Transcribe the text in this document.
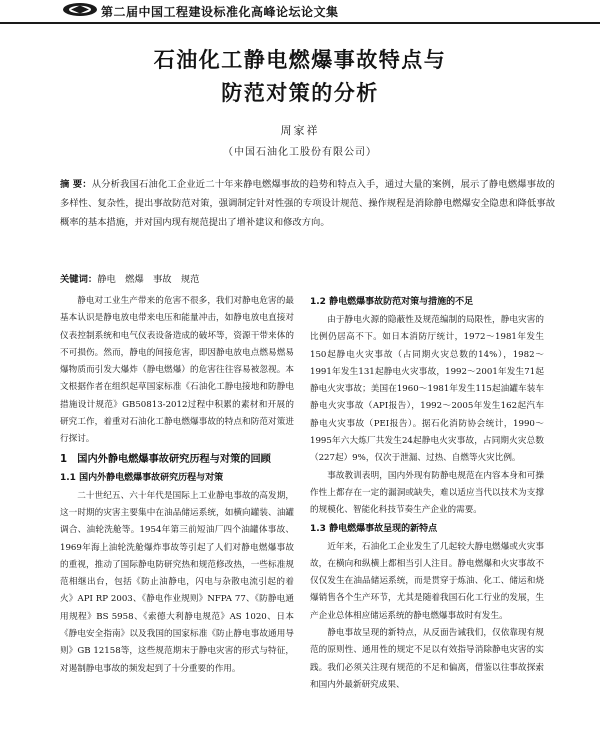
第二届中国工程建设标准化高峰论坛论文集
石油化工静电燃爆事故特点与
防范对策的分析
周家祥
（中国石油化工股份有限公司）
摘 要：从分析我国石油化工企业近二十年来静电燃爆事故的趋势和特点入手，通过大量的案例，展示了静电燃爆事故的多样性、复杂性，提出事故防范对策，强调制定针对性强的专项设计规范、操作规程是消除静电燃爆安全隐患和降低事故概率的基本措施，并对国内现有规范提出了增补建议和修改方向。
关键词：静电　燃爆　事故　规范

静电对工业生产带来的危害不很多，我们对静电危害的最基本认识是静电放电带来电压和能量冲击，如静电放电直接对仪表控制系统和电气仪表设备造成的破坏等，资源干带来体的不可损伤。然而，静电的间接危害，即因静电放电点燃易燃易爆物质而引发大爆炸（静电燃爆）的危害往往容易被忽视。本文根据作者在组织起草国家标准《石油化工静电接地和防静电措施设计规范》GB50813-2012过程中积累的素材和开展的研究工作，着重对石油化工静电燃爆事故的特点和防范对策进行探讨。

1　国内外静电燃爆事故研究历程与对策的回顾
1.1 国内外静电燃爆事故研究历程与对策

二十世纪五、六十年代是国际上工业静电事故的高发期，这一时期的灾害主要集中在油品储运系统，如横向罐装、油罐调合、油轮洗舱等。1954年第三前短油厂四个油罐体事故、1969年海上油轮洗舱爆炸事故等引起了人们对静电燃爆事故的重视，推动了国际静电防研究热和规范修改热，一些标准规范相继出台，包括《防止油静电，闪电与杂散电流引起的着火》API RP 2003、《静电作业规则》NFPA 77、《防静电通用规程》BS 5958、《索德大利静电规范》AS 1020、日本《静电安全指南》以及我国的国家标准《防止静电事故通用导则》GB 12158等，这些规范期末于静电灾害的形式与特征，对遏制静电事故的频发起到了十分重要的作用。

1.2 静电燃爆事故防范对策与措施的不足

由于静电火源的隐蔽性及规范编制的局限性，静电灾害的比例仍居高不下。如日本消防厅统计，1972～1981年发生150起静电火灾事故（占同期火灾总数的14%），1982～1991年发生131起静电火灾事故，1992～2001年发生71起静电火灾事故；美国在1960～1981年发生115起油罐车装车静电火灾事故（API报告），1992～2005年发生162起汽车静电火灾事故（PEI报告）。据石化消防协会统计，1990～1995年六大炼厂共发生24起静电火灾事故，占同期火灾总数（227起）9%，仅次于泄漏、过热、自燃等火灾比例。

事故教训表明，国内外现有防静电规范在内容本身和可操作性上都存在一定的漏洞或缺失，难以适应当代以技术为支撑的规模化、智能化科技节奏生产企业的需要。

1.3 静电燃爆事故呈现的新特点

近年来，石油化工企业发生了几起较大静电燃爆或火灾事故，在横向和纵横上都相当引人注目。静电燃爆和火灾事故不仅仅发生在油品储运系统，而是贯穿于炼油、化工、储运和烧爆销售各个生产环节，尤其是随着我国石化工行业的发展，生产企业总体相应储运系统的静电燃爆事故时有发生。

静电事故呈现的新特点，从反面告诫我们，仅依靠现有规范的原则性、通用性的规定不足以有效指导消除静电灾害的实践。我们必须关注现有规范的不足和偏离，借鉴以往事故探索和国内外最新研究成果、
